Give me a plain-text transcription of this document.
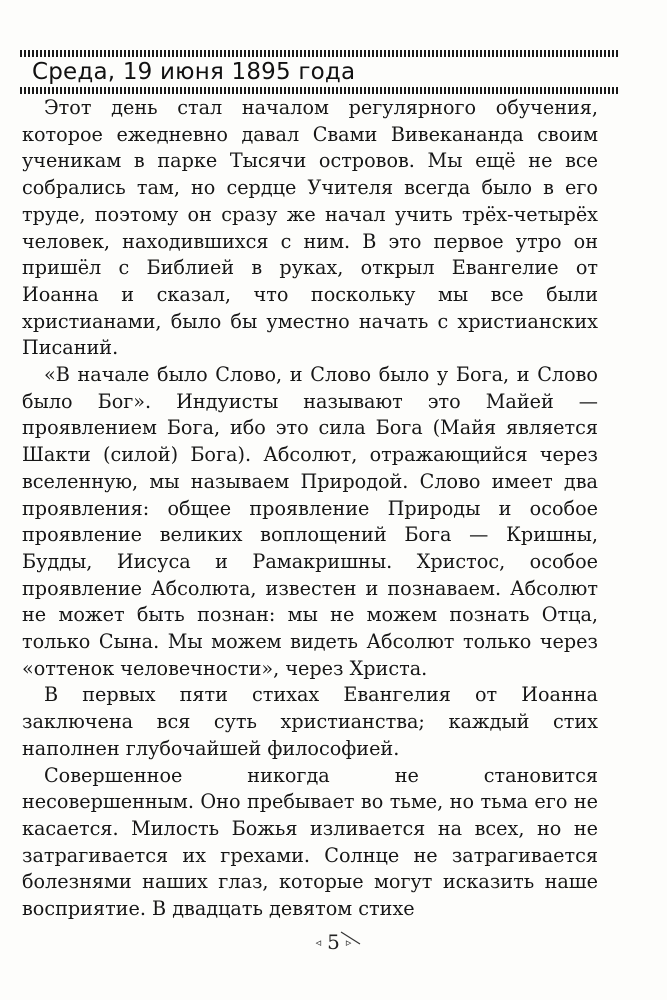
Среда, 19 июня 1895 года

Этот день стал началом регулярного обучения, которое ежедневно давал Свами Вивекананда своим ученикам в парке Тысячи островов. Мы ещё не все собрались там, но сердце Учителя всегда было в его труде, поэтому он сразу же начал учить трёх-четырёх человек, находившихся с ним. В это первое утро он пришёл с Библией в руках, открыл Евангелие от Иоанна и сказал, что поскольку мы все были христианами, было бы уместно начать с христианских Писаний.

«В начале было Слово, и Слово было у Бога, и Слово было Бог». Индуисты называют это Майей — проявлением Бога, ибо это сила Бога (Майя является Шакти (силой) Бога). Абсолют, отражающийся через вселенную, мы называем Природой. Слово имеет два проявления: общее проявление Природы и особое проявление великих воплощений Бога — Кришны, Будды, Иисуса и Рамакришны. Христос, особое проявление Абсолюта, известен и познаваем. Абсолют не может быть познан: мы не можем познать Отца, только Сына. Мы можем видеть Абсолют только через «оттенок человечности», через Христа.

В первых пяти стихах Евангелия от Иоанна заключена вся суть христианства; каждый стих наполнен глубочайшей философией.

Совершенное никогда не становится несовершенным. Оно пребывает во тьме, но тьма его не касается. Милость Божья изливается на всех, но не затрагивается их грехами. Солнце не затрагивается болезнями наших глаз, которые могут исказить наше восприятие. В двадцать девятом стихе

◃ 5 ▹
